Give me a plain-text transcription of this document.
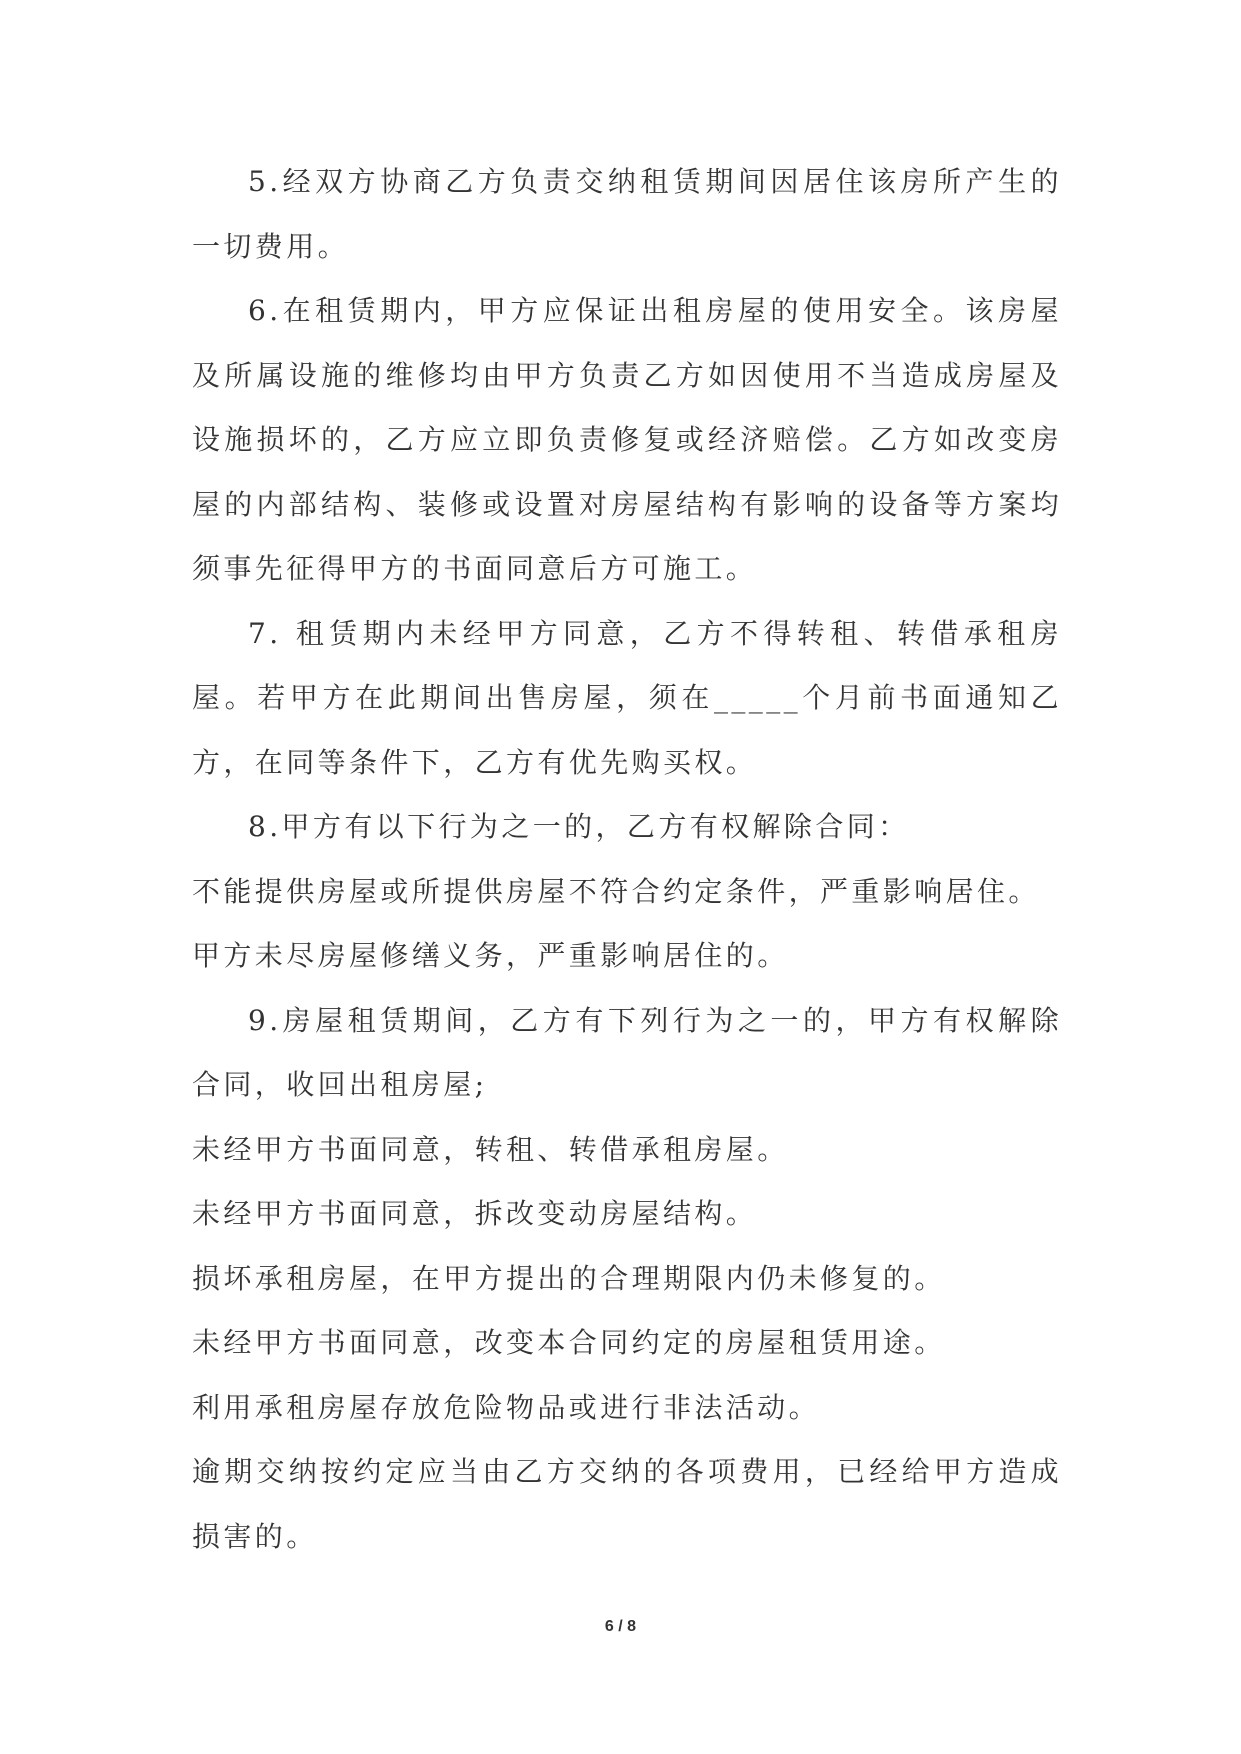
5.经双方协商乙方负责交纳租赁期间因居住该房所产生的一切费用。

6.在租赁期内，甲方应保证出租房屋的使用安全。该房屋及所属设施的维修均由甲方负责乙方如因使用不当造成房屋及设施损坏的，乙方应立即负责修复或经济赔偿。乙方如改变房屋的内部结构、装修或设置对房屋结构有影响的设备等方案均须事先征得甲方的书面同意后方可施工。

7. 租赁期内未经甲方同意，乙方不得转租、转借承租房屋。若甲方在此期间出售房屋，须在_____个月前书面通知乙方，在同等条件下，乙方有优先购买权。

8.甲方有以下行为之一的，乙方有权解除合同：

不能提供房屋或所提供房屋不符合约定条件，严重影响居住。

甲方未尽房屋修缮义务，严重影响居住的。

9.房屋租赁期间，乙方有下列行为之一的，甲方有权解除合同，收回出租房屋;

未经甲方书面同意，转租、转借承租房屋。

未经甲方书面同意，拆改变动房屋结构。

损坏承租房屋，在甲方提出的合理期限内仍未修复的。

未经甲方书面同意，改变本合同约定的房屋租赁用途。

利用承租房屋存放危险物品或进行非法活动。

逾期交纳按约定应当由乙方交纳的各项费用，已经给甲方造成损害的。

6 / 8
